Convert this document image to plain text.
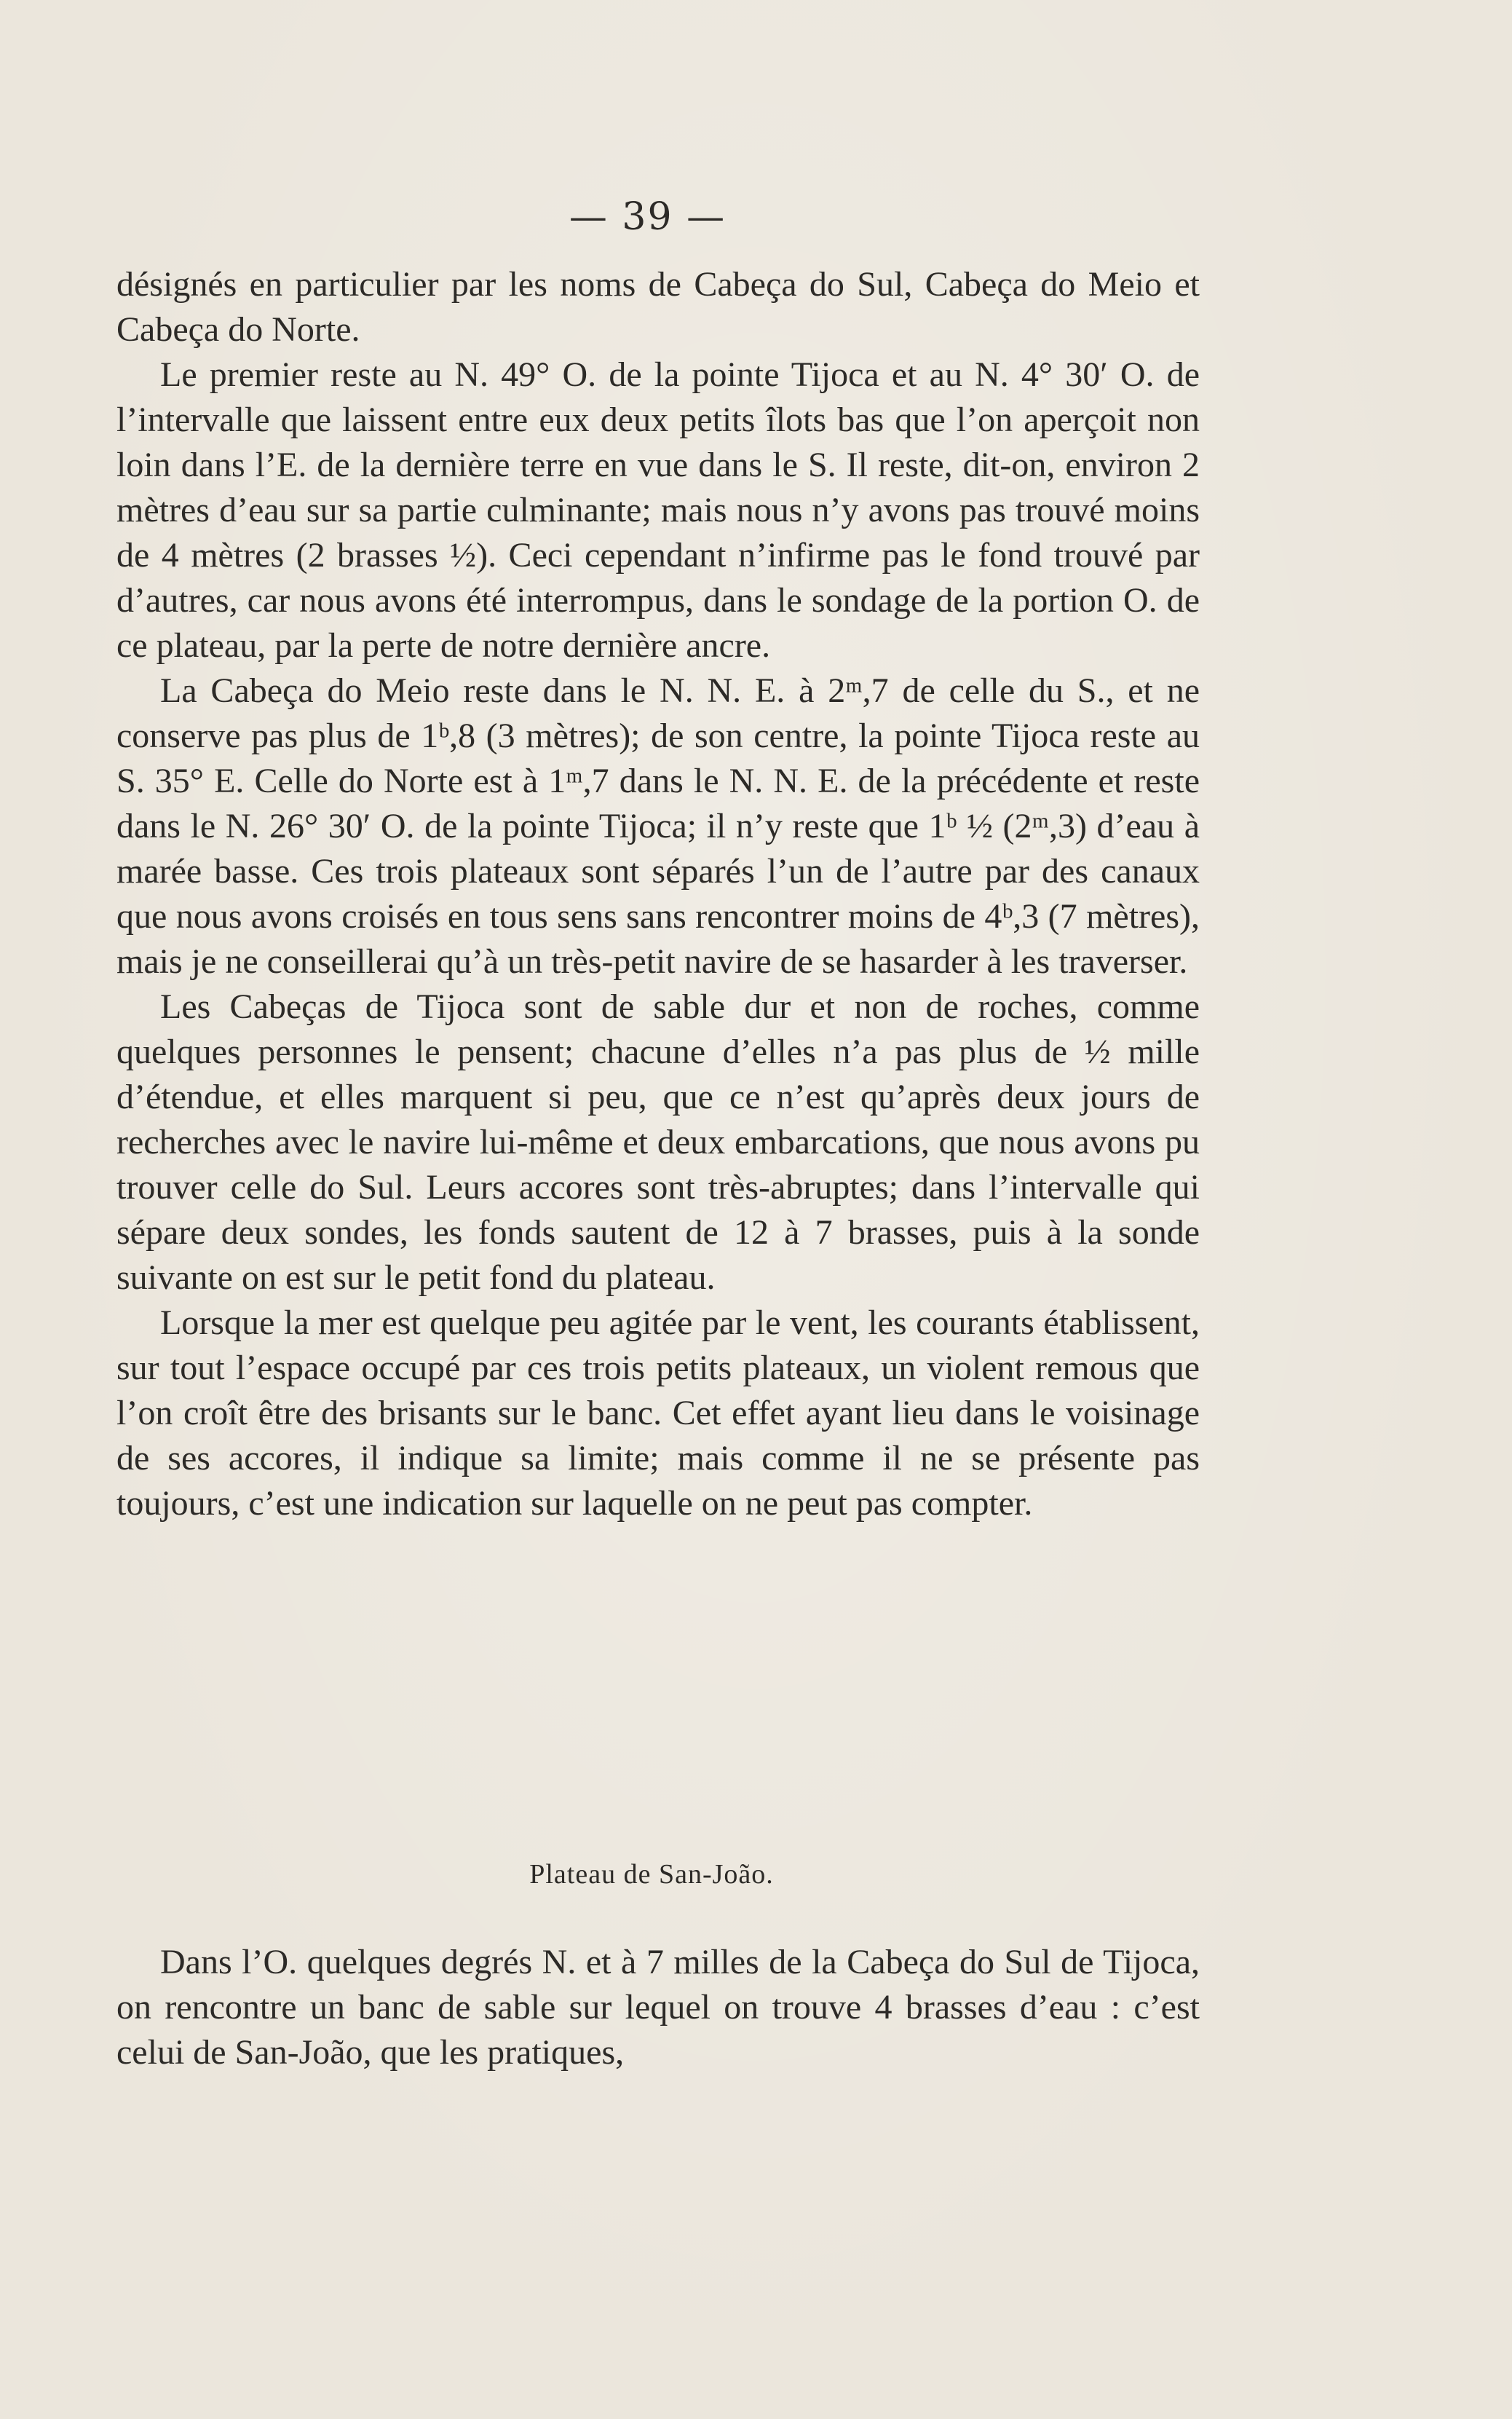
— 39 —

désignés en particulier par les noms de Cabeça do Sul, Cabeça do Meio et Cabeça do Norte.

Le premier reste au N. 49° O. de la pointe Tijoca et au N. 4° 30′ O. de l’intervalle que laissent entre eux deux petits îlots bas que l’on aperçoit non loin dans l’E. de la dernière terre en vue dans le S. Il reste, dit-on, environ 2 mètres d’eau sur sa partie culminante; mais nous n’y avons pas trouvé moins de 4 mètres (2 brasses ½). Ceci cependant n’infirme pas le fond trouvé par d’autres, car nous avons été interrompus, dans le sondage de la portion O. de ce plateau, par la perte de notre dernière ancre.

La Cabeça do Meio reste dans le N. N. E. à 2ᵐ,7 de celle du S., et ne conserve pas plus de 1ᵇ,8 (3 mètres); de son centre, la pointe Tijoca reste au S. 35° E. Celle do Norte est à 1ᵐ,7 dans le N. N. E. de la précédente et reste dans le N. 26° 30′ O. de la pointe Tijoca; il n’y reste que 1ᵇ ½ (2ᵐ,3) d’eau à marée basse. Ces trois plateaux sont séparés l’un de l’autre par des canaux que nous avons croisés en tous sens sans rencontrer moins de 4ᵇ,3 (7 mètres), mais je ne conseillerai qu’à un très-petit navire de se hasarder à les traverser.

Les Cabeças de Tijoca sont de sable dur et non de roches, comme quelques personnes le pensent; chacune d’elles n’a pas plus de ½ mille d’étendue, et elles marquent si peu, que ce n’est qu’après deux jours de recherches avec le navire lui-même et deux embarcations, que nous avons pu trouver celle do Sul. Leurs accores sont très-abruptes; dans l’intervalle qui sépare deux sondes, les fonds sautent de 12 à 7 brasses, puis à la sonde suivante on est sur le petit fond du plateau.

Lorsque la mer est quelque peu agitée par le vent, les courants établissent, sur tout l’espace occupé par ces trois petits plateaux, un violent remous que l’on croît être des brisants sur le banc. Cet effet ayant lieu dans le voisinage de ses accores, il indique sa limite; mais comme il ne se présente pas toujours, c’est une indication sur laquelle on ne peut pas compter.

Plateau de San-João.

Dans l’O. quelques degrés N. et à 7 milles de la Cabeça do Sul de Tijoca, on rencontre un banc de sable sur lequel on trouve 4 brasses d’eau : c’est celui de San-João, que les pratiques,
